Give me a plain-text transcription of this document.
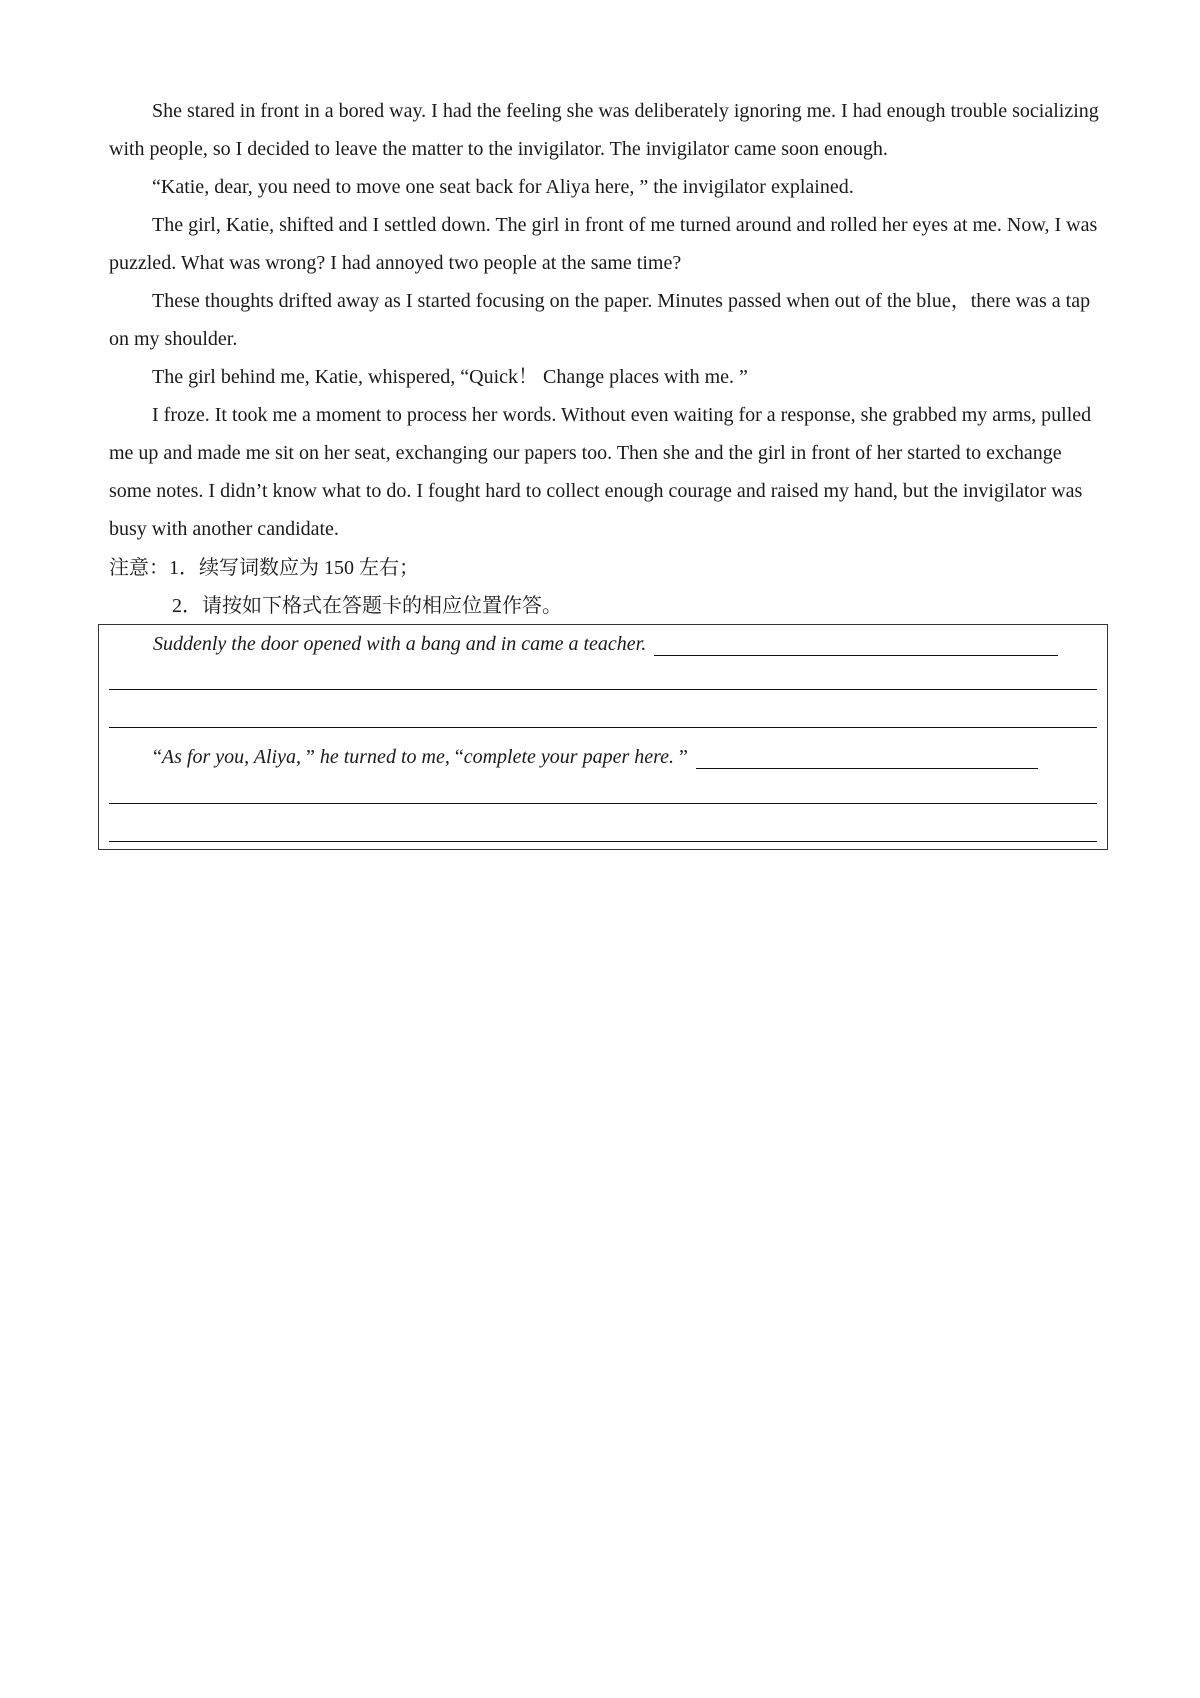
She stared in front in a bored way. I had the feeling she was deliberately ignoring me. I had enough trouble socializing with people, so I decided to leave the matter to the invigilator. The invigilator came soon enough.

“Katie, dear, you need to move one seat back for Aliya here, ” the invigilator explained.

The girl, Katie, shifted and I settled down. The girl in front of me turned around and rolled her eyes at me. Now, I was puzzled. What was wrong? I had annoyed two people at the same time?

These thoughts drifted away as I started focusing on the paper. Minutes passed when out of the blue，there was a tap on my shoulder.

The girl behind me, Katie, whispered, “Quick！ Change places with me. ”

I froze. It took me a moment to process her words. Without even waiting for a response, she grabbed my arms, pulled me up and made me sit on her seat, exchanging our papers too. Then she and the girl in front of her started to exchange some notes. I didn’t know what to do. I fought hard to collect enough courage and raised my hand, but the invigilator was busy with another candidate.

注意：1．续写词数应为 150 左右；
2．请按如下格式在答题卡的相应位置作答。
Suddenly the door opened with a bang and in came a teacher.
“ As for you, Aliya, ” he turned to me , “ complete your paper here. ”
